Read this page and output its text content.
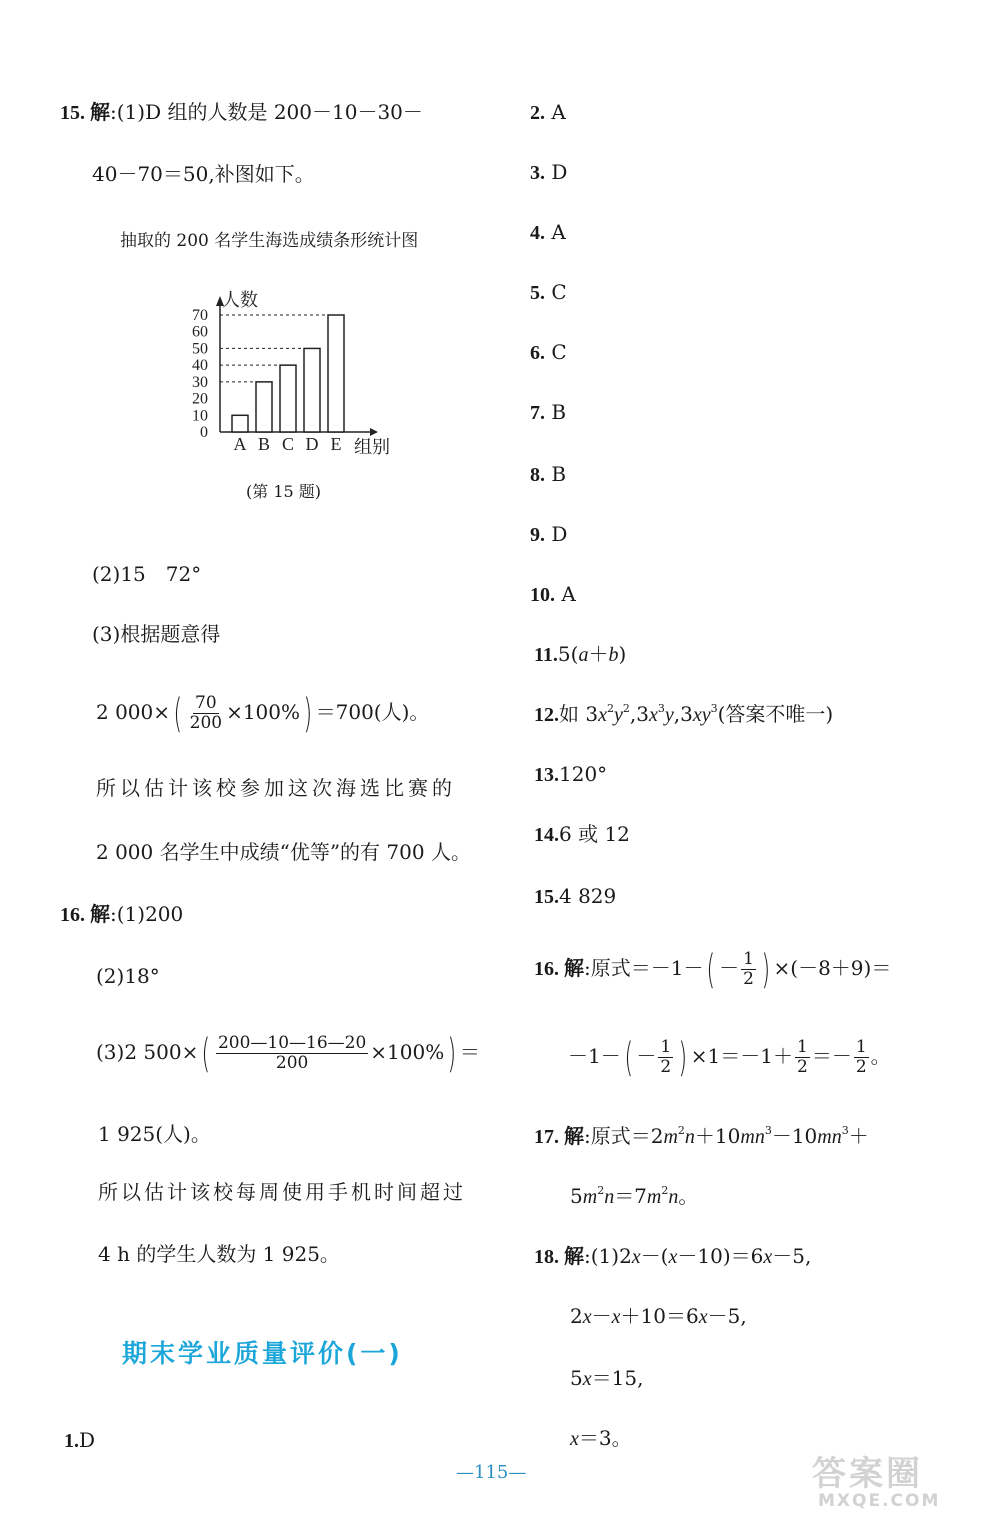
15. 解:(1)D 组的人数是 200－10－30－
40－70＝50,补图如下。
抽取的 200 名学生海选成绩条形统计图
0
10
20
30
40
50
60
70
人数
组别
A B C D E
(第 15 题)
(2)15　72°
(3)根据题意得
2 $000\times( \frac{70}{200} \times 100\%) =700$(人)。
所以估计该校参加这次海选比赛的
2 000 名学生中成绩“优等”的有 700 人。
16. 解:(1)200
(2)18°
(3)2 $500\times( \frac{200—10—16—20}{200} \times 100\%)$ ＝
1 925(人)。
所以估计该校每周使用手机时间超过
4 h 的学生人数为 1 925。
期末学业质量评价(一)
1.D
2. A
3. D
4. A
5. C
6. C
7. B
8. B
9. D
10. A
11.5(a＋b)
12.如 $3x^2y^2,3x^3y,3xy^3$(答案不唯一)
13.120°
14.6 或 12
15.4 829
16. 解:原式$=-1-( - \frac{1}{2}$ ) ×(－8＋9)＝
$-1-( - \frac{1}{2}$ ) $\times 1=-1+ \frac{1}{2} =- \frac{1}{2}$ 。
17. 解:原式$=2m^2n+10mn^3-10mn^3+$
$5m^2n=7m^2n$。
18. 解:(1)2x－(x－10)＝6x－5,
2x－x＋10＝6x－5,
5x＝15,
x＝3。
—115—	答案圈
MXQE.COM
